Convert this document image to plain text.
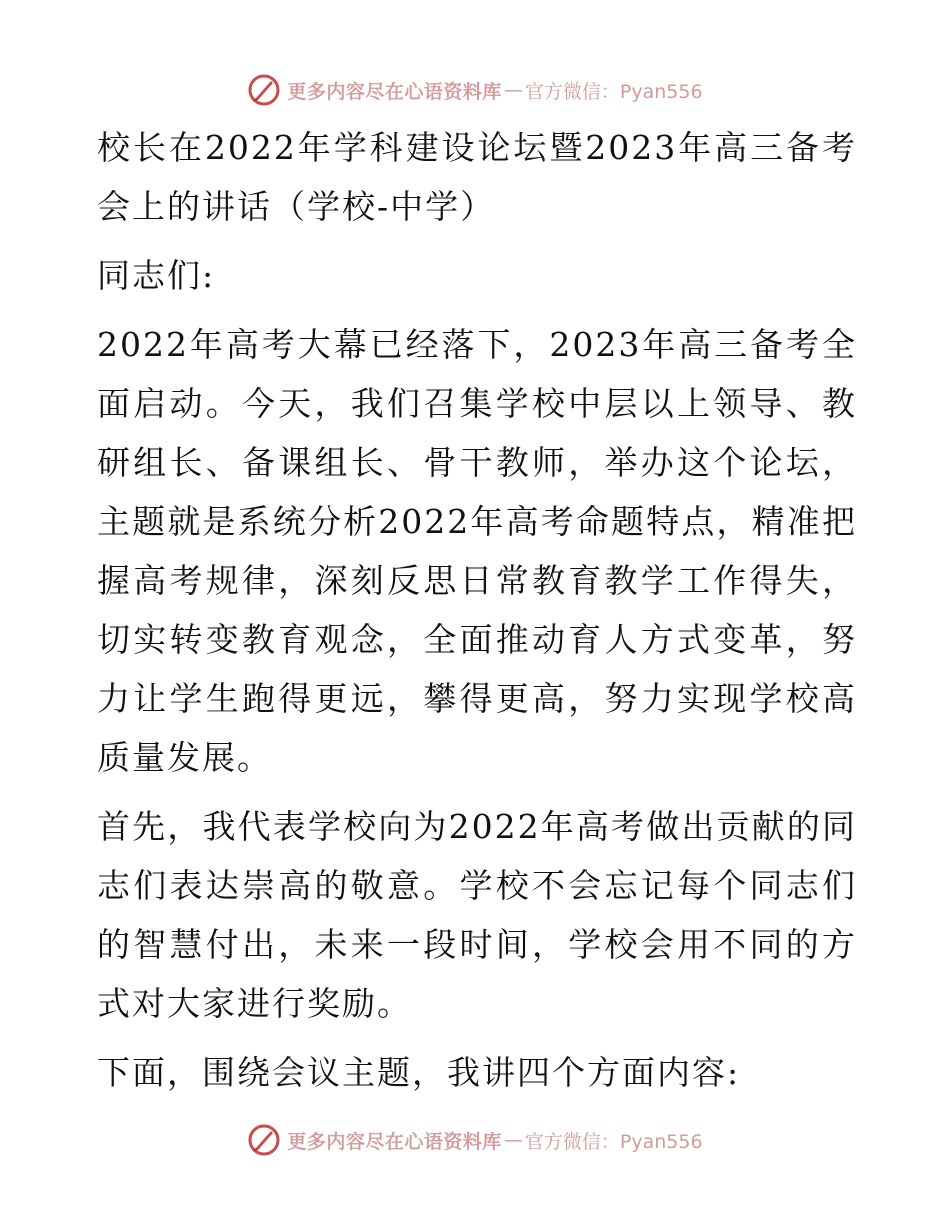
更多内容尽在心语资料库 — 官方微信：Pyan556

校长在2022年学科建设论坛暨2023年高三备考会上的讲话（学校-中学）

同志们:

2022年高考大幕已经落下，2023年高三备考全面启动。今天，我们召集学校中层以上领导、教研组长、备课组长、骨干教师，举办这个论坛，主题就是系统分析2022年高考命题特点，精准把握高考规律，深刻反思日常教育教学工作得失，切实转变教育观念，全面推动育人方式变革，努力让学生跑得更远，攀得更高，努力实现学校高质量发展。

首先，我代表学校向为2022年高考做出贡献的同志们表达崇高的敬意。学校不会忘记每个同志们的智慧付出，未来一段时间，学校会用不同的方式对大家进行奖励。

下面，围绕会议主题，我讲四个方面内容:

更多内容尽在心语资料库 — 官方微信：Pyan556
